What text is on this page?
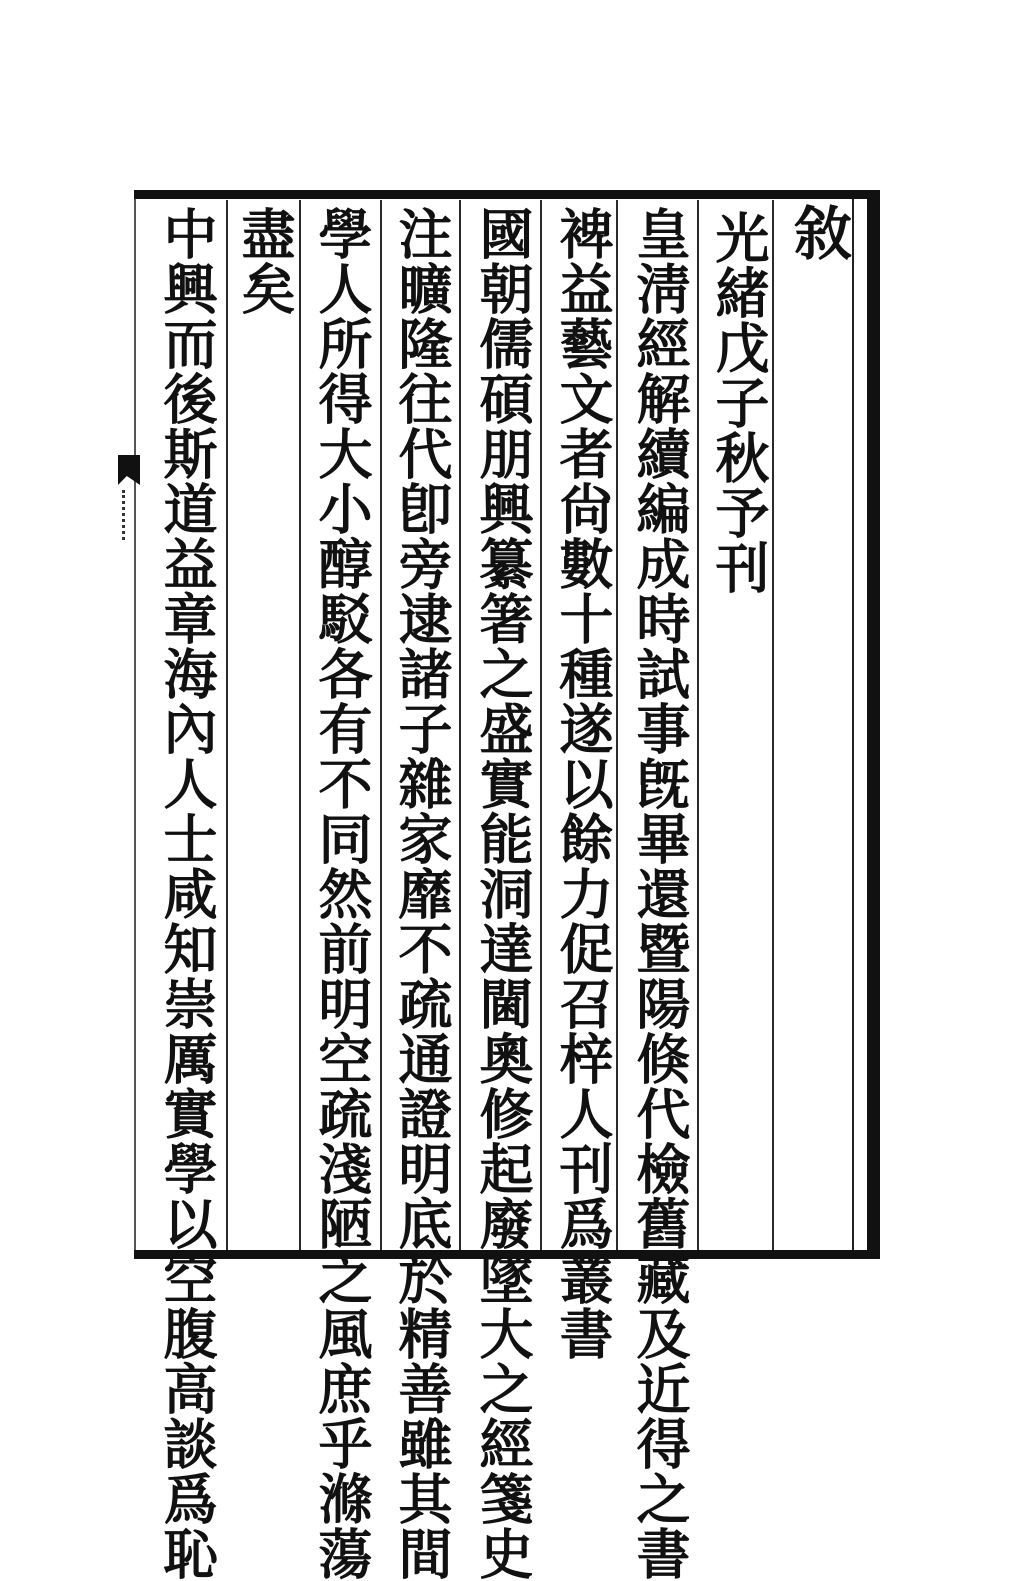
敘
光緒戊子秋予刊
皇淸經解續編成時試事旣畢還暨陽倏代檢舊藏及近得之書
裨益藝文者尙數十種遂以餘力促召梓人刊爲叢書
國朝儒碩朋興纂箸之盛實能洞達閫奧修起廢墜大之經箋史
注曠隆往代卽旁逮諸子雜家靡不疏通證明底於精善雖其間
學人所得大小醇駁各有不同然前明空疏淺陋之風庶乎滌蕩
盡矣
中興而後斯道益章海內人士咸知崇厲實學以空腹高談爲恥
